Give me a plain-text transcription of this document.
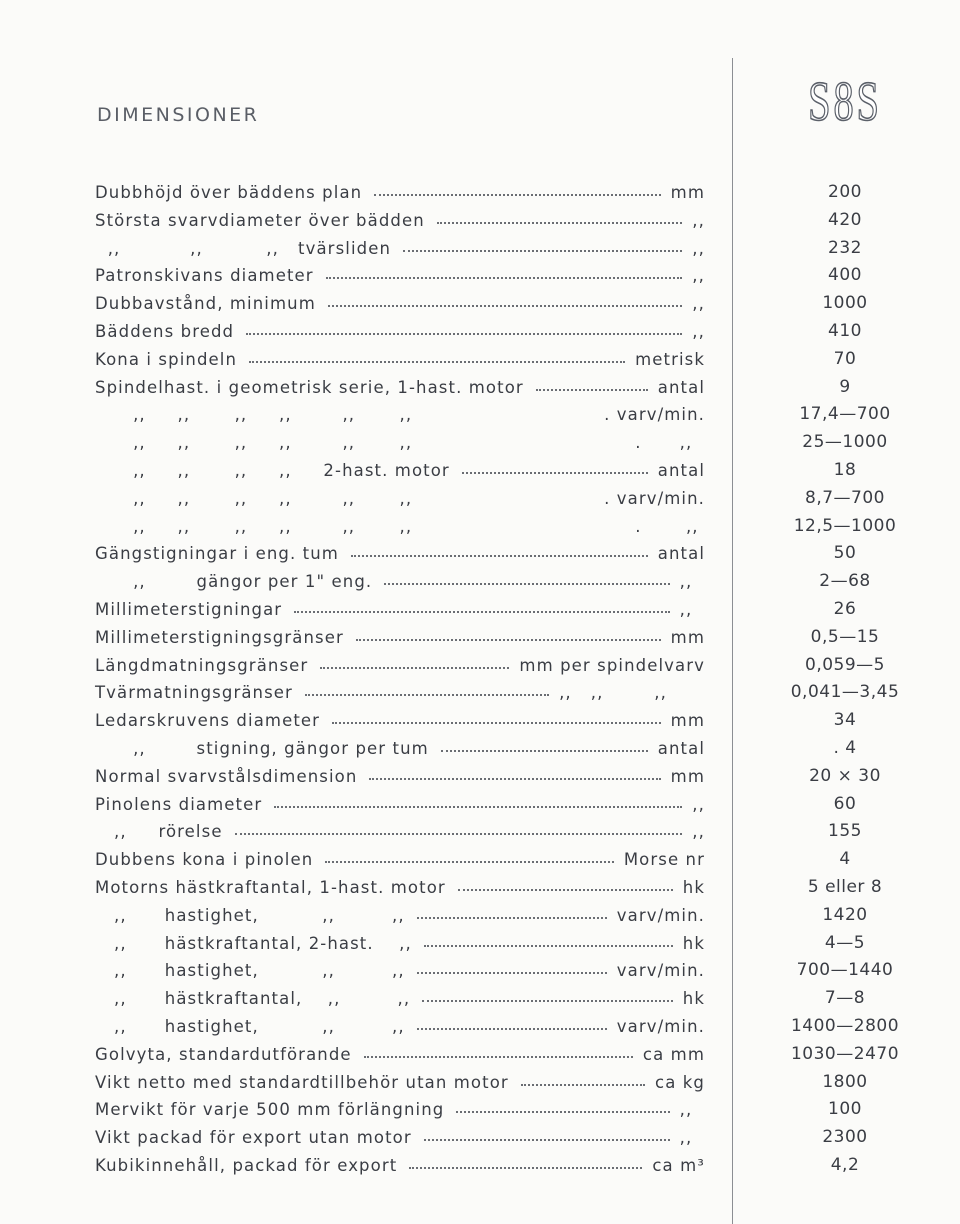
DIMENSIONER	S8S
Dubbhöjd över bäddens plan	mm	200
Största svarvdiameter över bädden	,,	420
,,           ,,          ,,   tvärsliden	,,	232
Patronskivans diameter	,,	400
Dubbavstånd, minimum	,,	1000
Bäddens bredd	,,	410
Kona i spindeln	metrisk	70
Spindelhast. i geometrisk serie, 1-hast. motor	antal	9
,,     ,,       ,,     ,,        ,,       ,,	. varv/min.	17,4—700
,,     ,,       ,,     ,,        ,,       ,,	.      ,,	25—1000
,,     ,,       ,,     ,,     2-hast. motor	antal	18
,,     ,,       ,,     ,,        ,,       ,,	. varv/min.	8,7—700
,,     ,,       ,,     ,,        ,,       ,,	.       ,,	12,5—1000
Gängstigningar i eng. tum	antal	50
,,        gängor per 1" eng.	,,	2—68
Millimeterstigningar	,,	26
Millimeterstigningsgränser	mm	0,5—15
Längdmatningsgränser	mm per spindelvarv	0,059—5
Tvärmatningsgränser	,,   ,,        ,,	0,041—3,45
Ledarskruvens diameter	mm	34
,,        stigning, gängor per tum	antal	. 4
Normal svarvstålsdimension	mm	20 × 30
Pinolens diameter	,,	60
,,     rörelse	,,	155
Dubbens kona i pinolen	Morse nr	4
Motorns hästkraftantal, 1-hast. motor	hk	5 eller 8
,,      hastighet,          ,,         ,,	varv/min.	1420
,,      hästkraftantal, 2-hast.    ,,	hk	4—5
,,      hastighet,          ,,         ,,	varv/min.	700—1440
,,      hästkraftantal,    ,,         ,,	hk	7—8
,,      hastighet,          ,,         ,,	varv/min.	1400—2800
Golvyta, standardutförande	ca mm	1030—2470
Vikt netto med standardtillbehör utan motor	ca kg	1800
Mervikt för varje 500 mm förlängning	,,	100
Vikt packad för export utan motor	,,	2300
Kubikinnehåll, packad för export	ca m³	4,2
